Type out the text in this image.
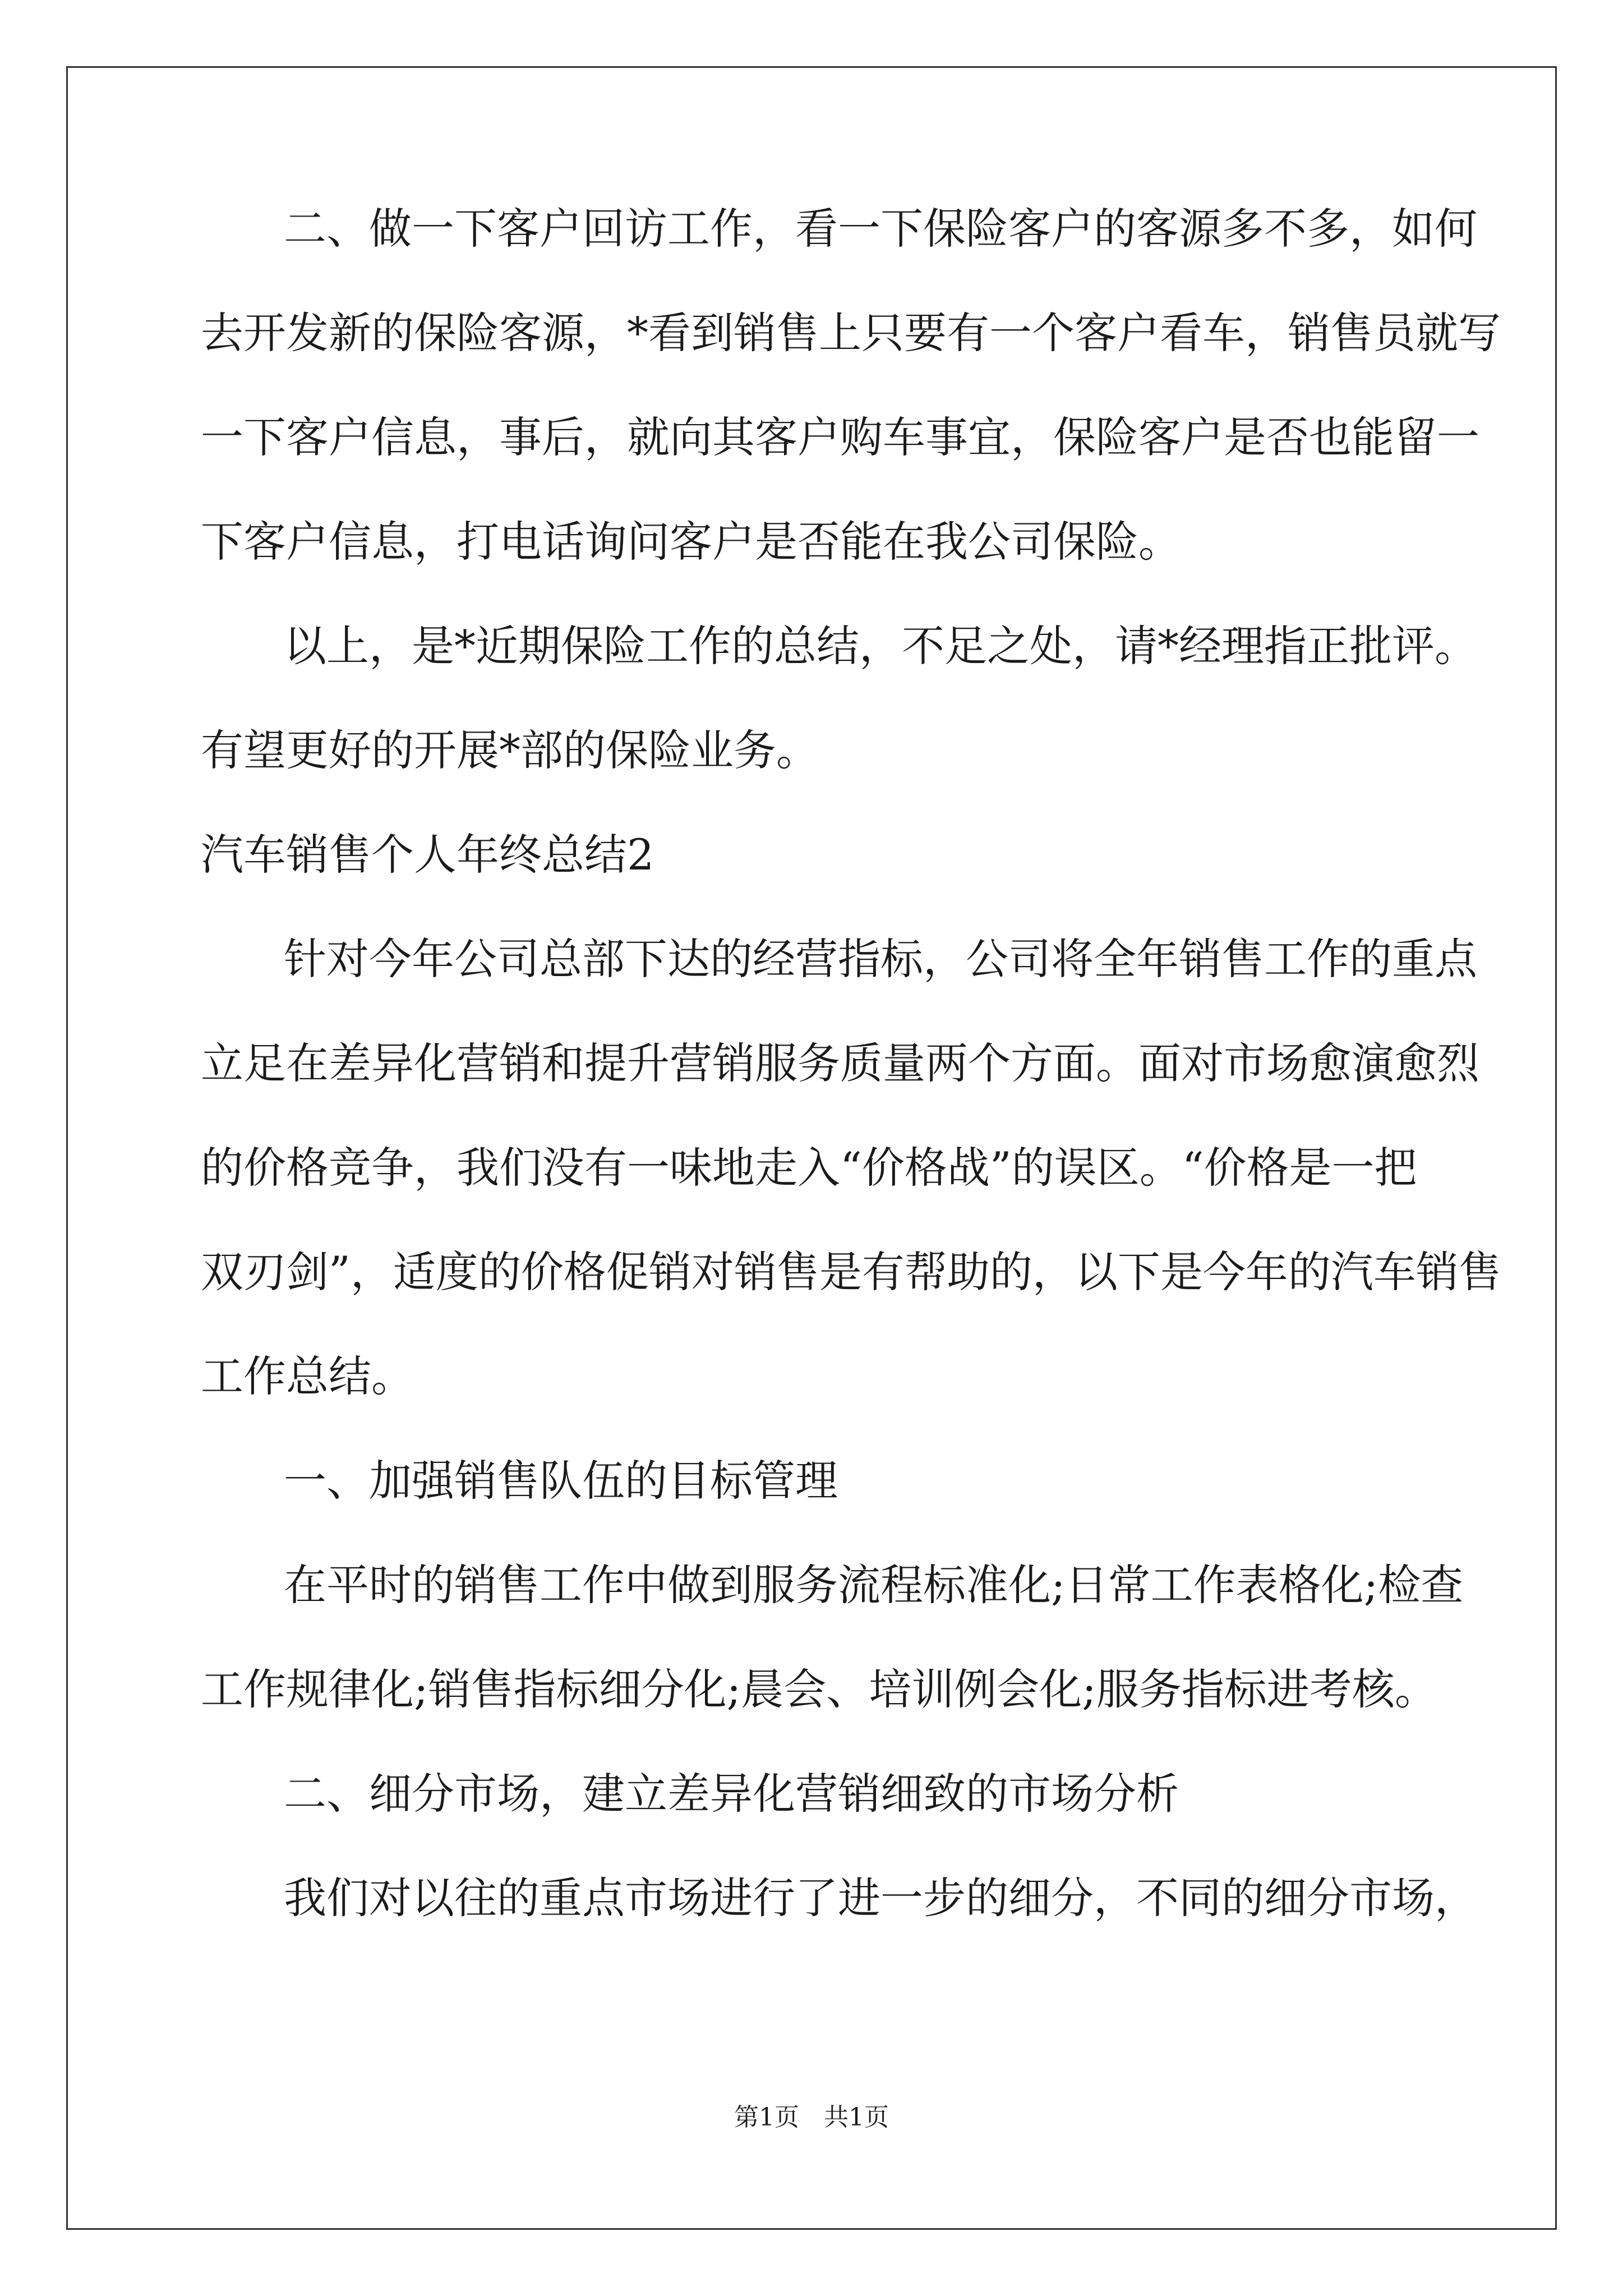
二、做一下客户回访工作，看一下保险客户的客源多不多，如何
去开发新的保险客源，*看到销售上只要有一个客户看车，销售员就写
一下客户信息，事后，就向其客户购车事宜，保险客户是否也能留一
下客户信息，打电话询问客户是否能在我公司保险。
以上，是*近期保险工作的总结，不足之处，请*经理指正批评。
有望更好的开展*部的保险业务。
汽车销售个人年终总结2
针对今年公司总部下达的经营指标，公司将全年销售工作的重点
立足在差异化营销和提升营销服务质量两个方面。面对市场愈演愈烈
的价格竞争，我们没有一味地走入“价格战”的误区。“价格是一把
双刃剑”，适度的价格促销对销售是有帮助的，以下是今年的汽车销售
工作总结。
一、加强销售队伍的目标管理
在平时的销售工作中做到服务流程标准化;日常工作表格化;检查
工作规律化;销售指标细分化;晨会、培训例会化;服务指标进考核。
二、细分市场，建立差异化营销细致的市场分析
我们对以往的重点市场进行了进一步的细分，不同的细分市场，
第1页　共1页
